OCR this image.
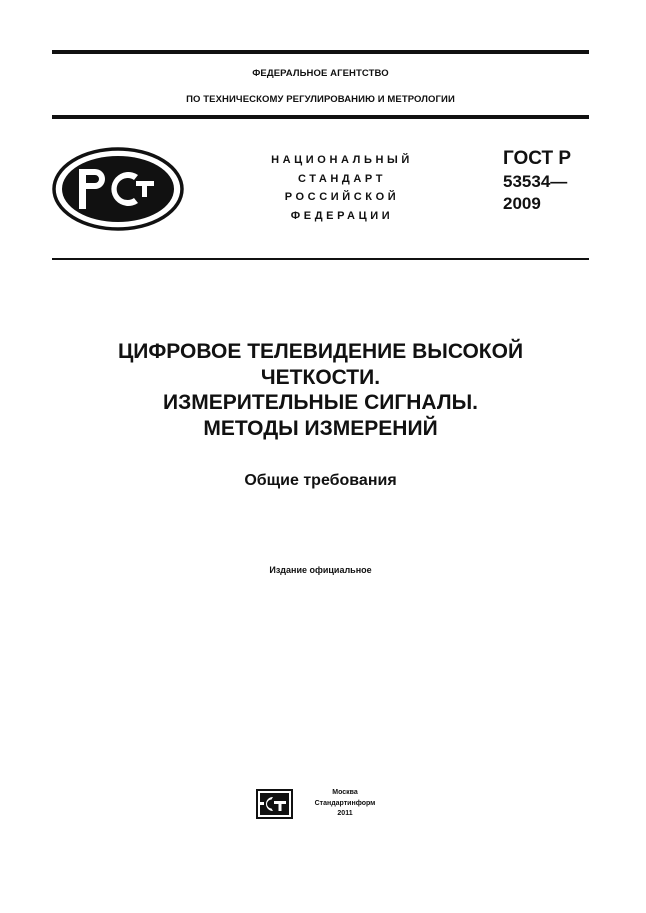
ФЕДЕРАЛЬНОЕ АГЕНТСТВО
ПО ТЕХНИЧЕСКОМУ РЕГУЛИРОВАНИЮ И МЕТРОЛОГИИ
НАЦИОНАЛЬНЫЙ
СТАНДАРТ
РОССИЙСКОЙ
ФЕДЕРАЦИИ
ГОСТ Р
53534—
2009
ЦИФРОВОЕ ТЕЛЕВИДЕНИЕ ВЫСОКОЙ
ЧЕТКОСТИ.
ИЗМЕРИТЕЛЬНЫЕ СИГНАЛЫ.
МЕТОДЫ ИЗМЕРЕНИЙ
Общие требования
Издание официальное
Москва
Стандартинформ
2011
